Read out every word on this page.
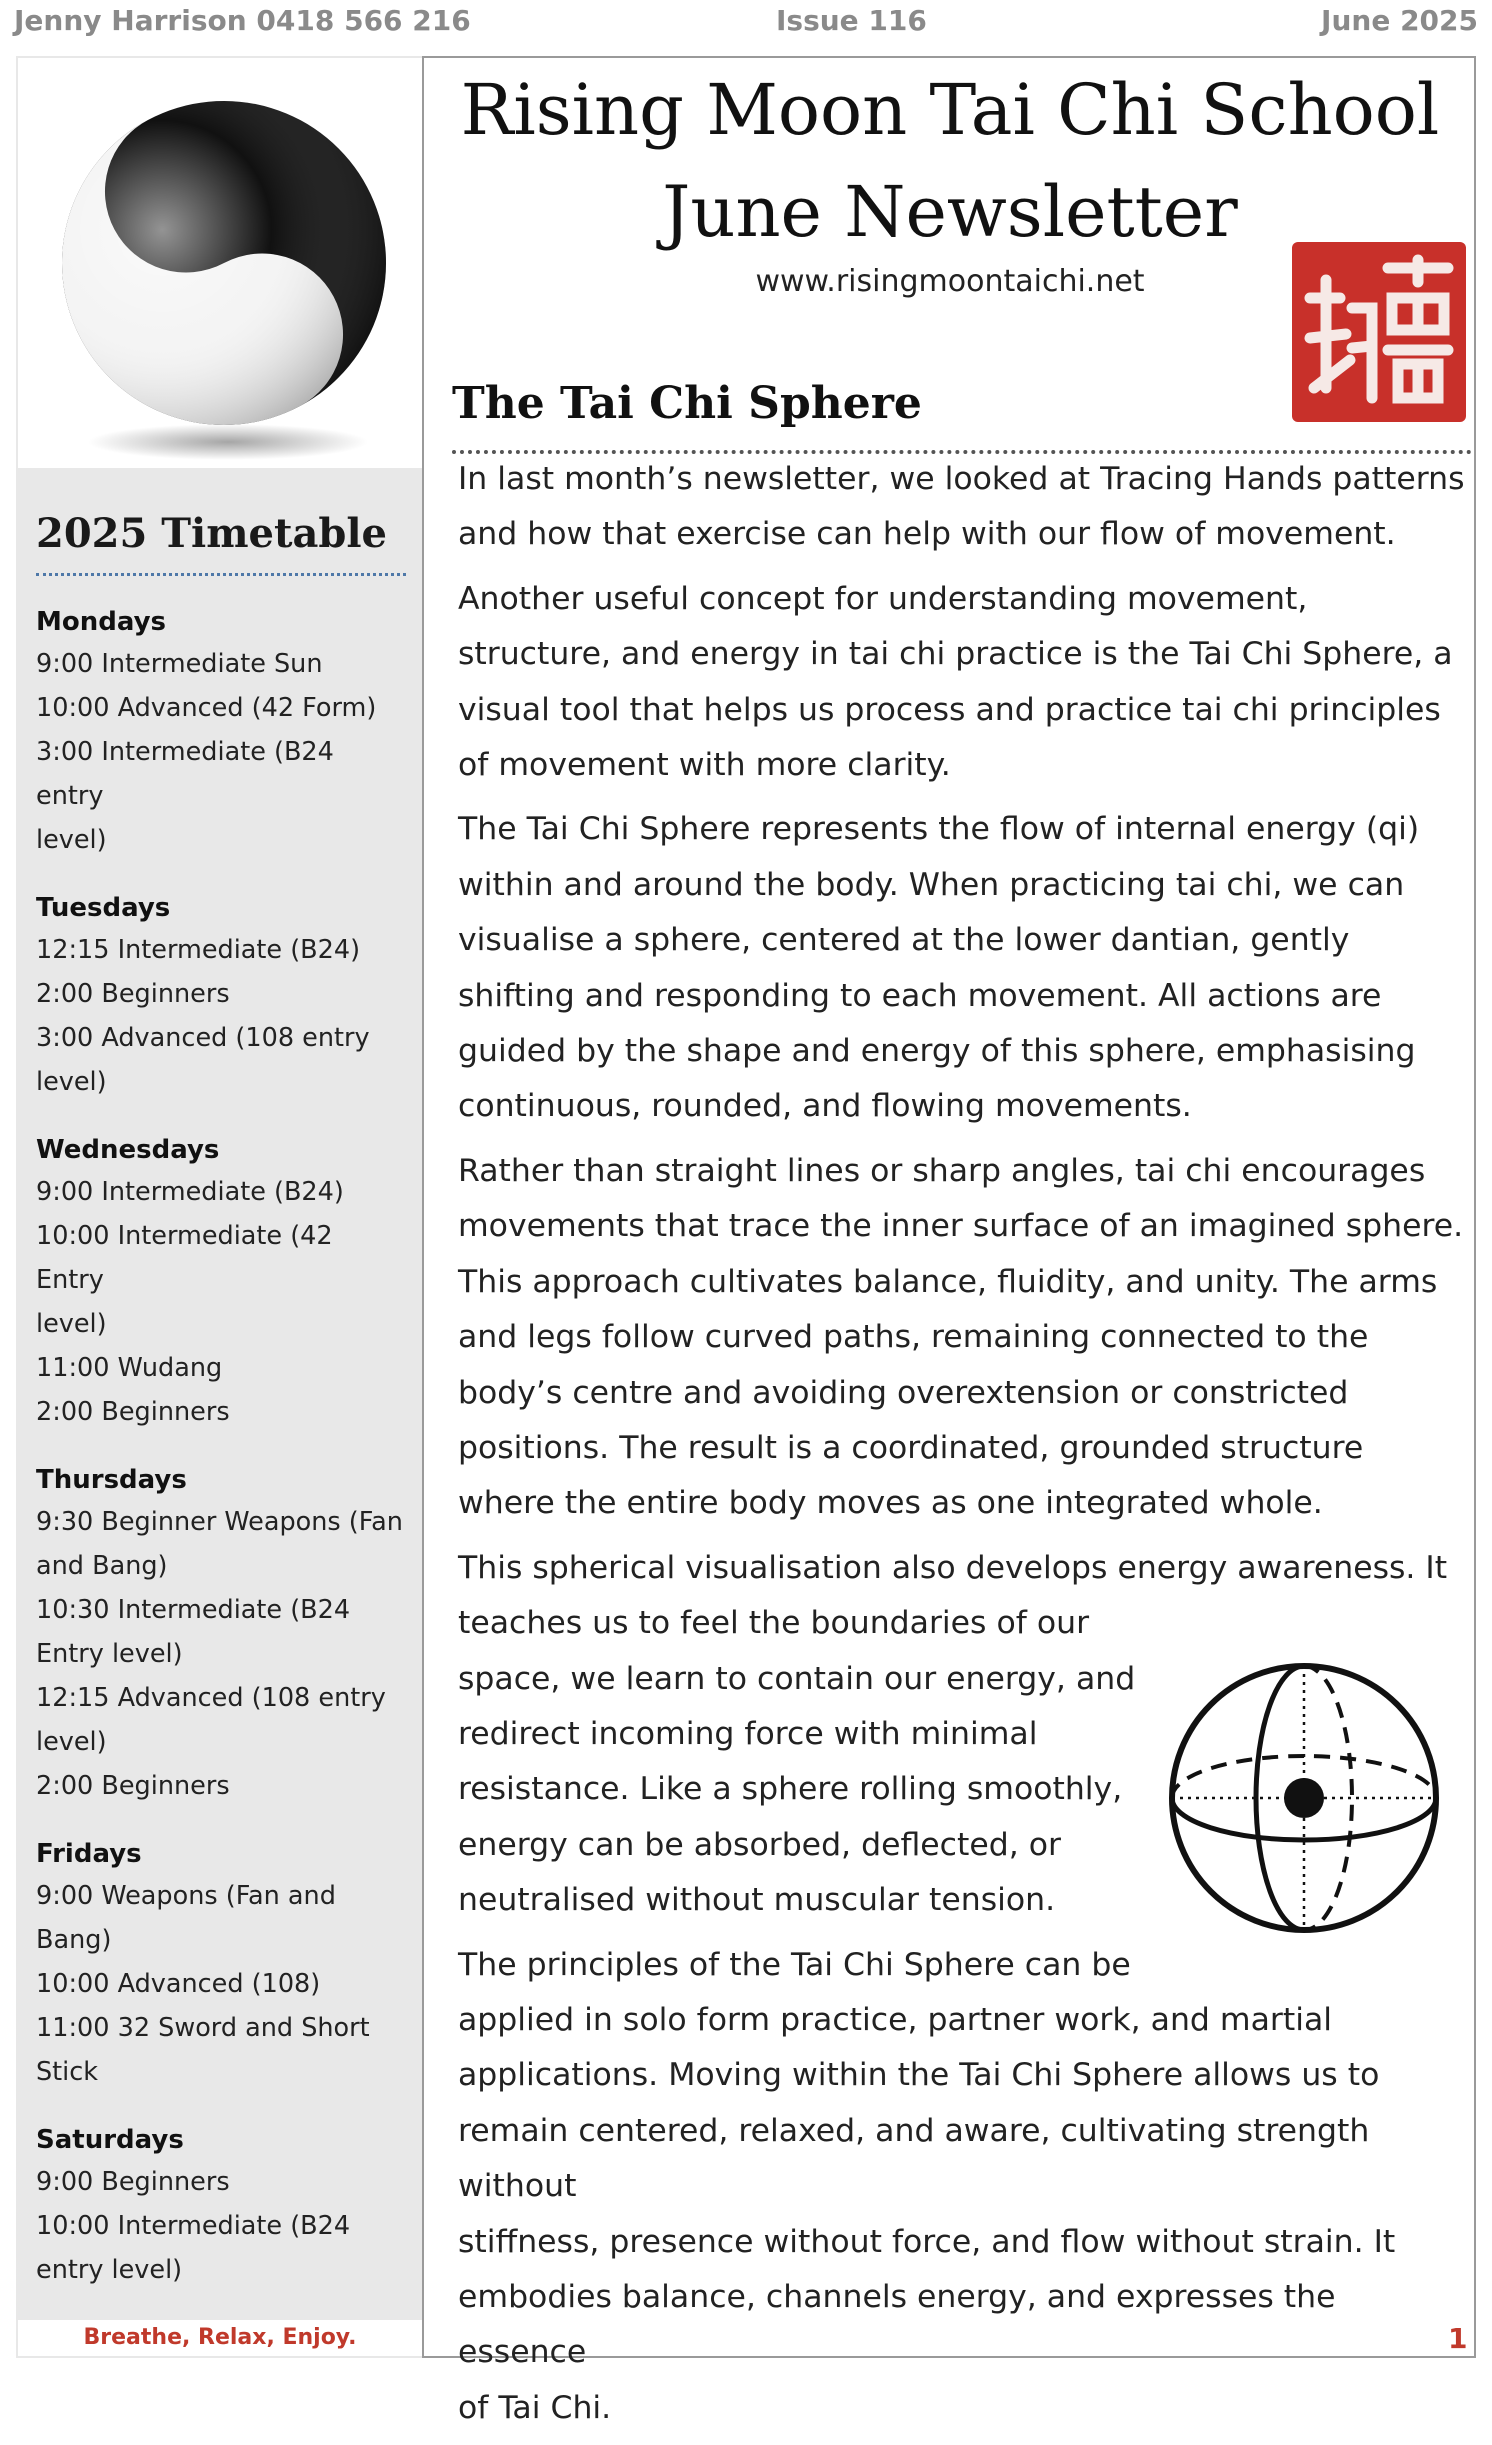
Jenny Harrison 0418 566 216	Issue 116	June 2025
2025 Timetable
Mondays
9:00 Intermediate Sun
10:00 Advanced (42 Form)
3:00 Intermediate (B24 entry
level)
Tuesdays
12:15 Intermediate (B24)
2:00 Beginners
3:00 Advanced (108 entry
level)
Wednesdays
9:00 Intermediate (B24)
10:00 Intermediate (42 Entry
level)
11:00 Wudang
2:00 Beginners
Thursdays
9:30 Beginner Weapons (Fan
and Bang)
10:30 Intermediate (B24
Entry level)
12:15 Advanced (108 entry
level)
2:00 Beginners
Fridays
9:00 Weapons (Fan and
Bang)
10:00 Advanced (108)
11:00 32 Sword and Short
Stick
Saturdays
9:00 Beginners
10:00 Intermediate (B24
entry level)
Breathe, Relax, Enjoy.
Rising Moon Tai Chi School
June Newsletter
www.risingmoontaichi.net
The Tai Chi Sphere

In last month’s newsletter, we looked at Tracing Hands patterns and how that exercise can help with our flow of movement.

Another useful concept for understanding movement, structure, and energy in tai chi practice is the Tai Chi Sphere, a visual tool that helps us process and practice tai chi principles of movement with more clarity.

The Tai Chi Sphere represents the flow of internal energy (qi) within and around the body. When practicing tai chi, we can visualise a sphere, centered at the lower dantian, gently shifting and responding to each movement. All actions are guided by the shape and energy of this sphere, emphasising continuous, rounded, and flowing movements.

Rather than straight lines or sharp angles, tai chi encourages movements that trace the inner surface of an imagined sphere. This approach cultivates balance, fluidity, and unity. The arms and legs follow curved paths, remaining connected to the body’s centre and avoiding overextension or constricted positions. The result is a coordinated, grounded structure where the entire body moves as one integrated whole.

This spherical visualisation also develops energy awareness. It
teaches us to feel the boundaries of our
space, we learn to contain our energy, and
redirect incoming force with minimal
resistance. Like a sphere rolling smoothly,
energy can be absorbed, deflected, or
neutralised without muscular tension.

The principles of the Tai Chi Sphere can be
applied in solo form practice, partner work, and martial
applications. Moving within the Tai Chi Sphere allows us to
remain centered, relaxed, and aware, cultivating strength without
stiffness, presence without force, and flow without strain. It
embodies balance, channels energy, and expresses the essence
of Tai Chi.

1
